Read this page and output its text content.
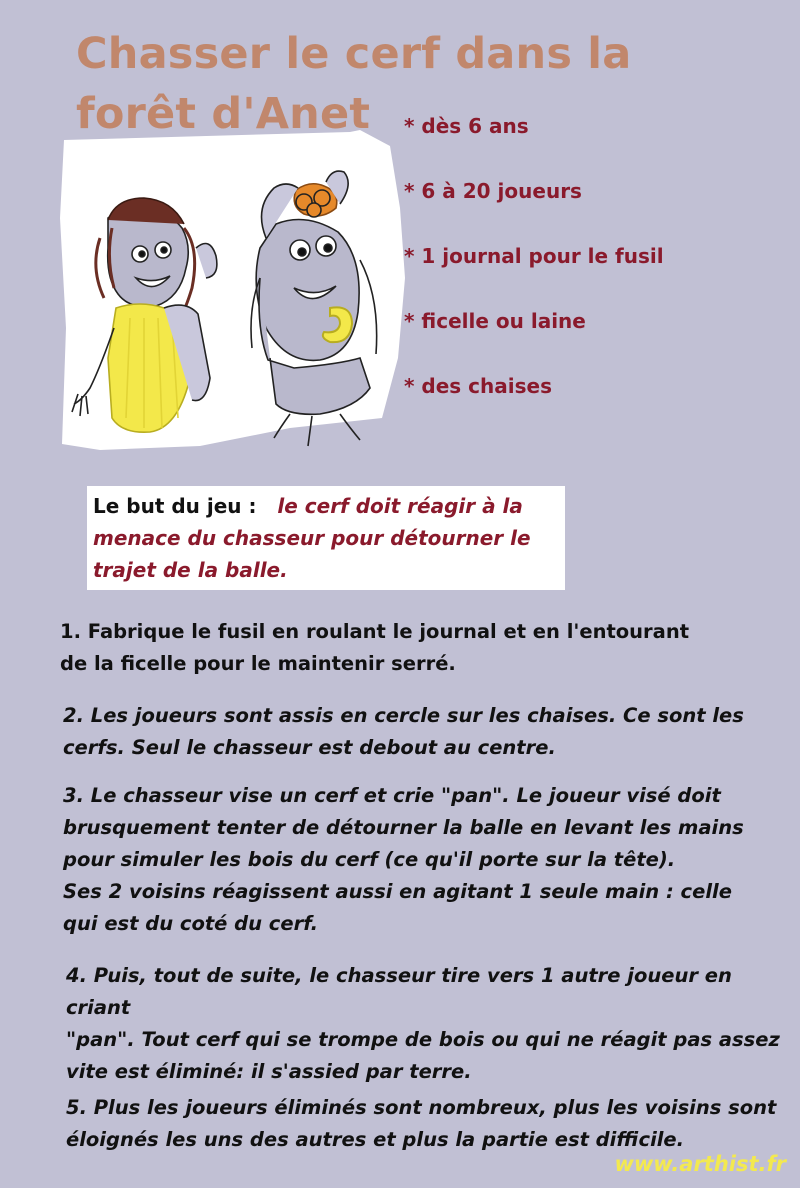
Chasser le cerf dans la
forêt d'Anet	* dès 6 ans
* 6 à 20 joueurs
* 1 journal pour le fusil
* ficelle ou laine
* des chaises
Le but du jeu : le cerf doit réagir à la menace du chasseur pour détourner le trajet de la balle.
1. Fabrique le fusil en roulant le journal et en l'entourant
de la ficelle pour le maintenir serré.
2. Les joueurs sont assis en cercle sur les chaises. Ce sont les
cerfs. Seul le chasseur est debout au centre.
3. Le chasseur vise un cerf et crie "pan". Le joueur visé doit
brusquement tenter de détourner la balle en levant les mains
pour simuler les bois du cerf (ce qu'il porte sur la tête).
Ses 2 voisins réagissent aussi en agitant 1 seule main : celle
qui est du coté du cerf.
4. Puis, tout de suite, le chasseur tire vers 1 autre joueur en criant
"pan". Tout cerf qui se trompe de bois ou qui ne réagit pas assez
vite est éliminé: il s'assied par terre.
5. Plus les joueurs éliminés sont nombreux, plus les voisins sont
éloignés les uns des autres et plus la partie est difficile.
www.arthist.fr
